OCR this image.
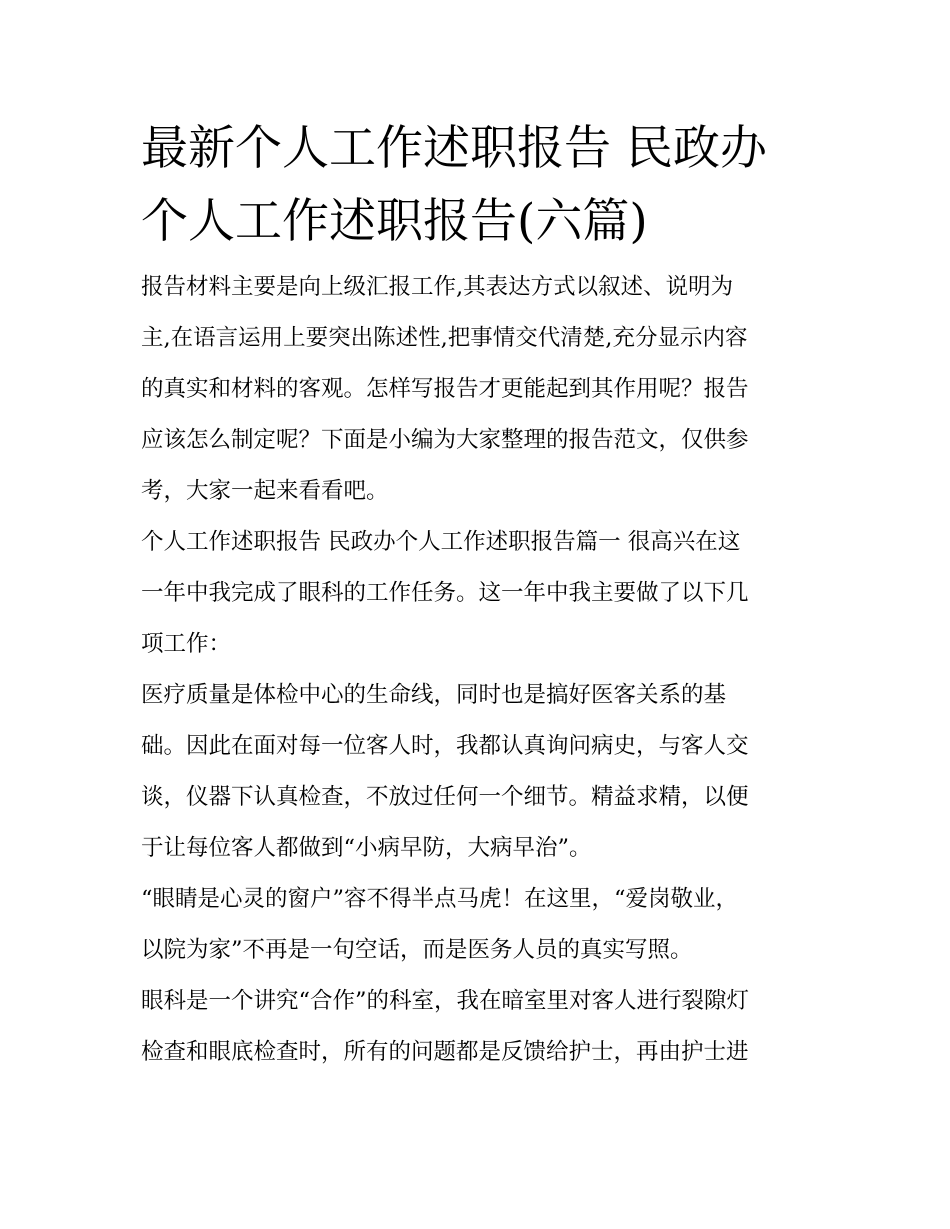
最新个人工作述职报告 民政办
个人工作述职报告(六篇)

报告材料主要是向上级汇报工作,其表达方式以叙述、说明为

主,在语言运用上要突出陈述性,把事情交代清楚,充分显示内容

的真实和材料的客观。怎样写报告才更能起到其作用呢？报告

应该怎么制定呢？下面是小编为大家整理的报告范文，仅供参

考，大家一起来看看吧。

个人工作述职报告 民政办个人工作述职报告篇一 很高兴在这

一年中我完成了眼科的工作任务。这一年中我主要做了以下几

项工作：

医疗质量是体检中心的生命线，同时也是搞好医客关系的基

础。因此在面对每一位客人时，我都认真询问病史，与客人交

谈，仪器下认真检查，不放过任何一个细节。精益求精，以便

于让每位客人都做到“小病早防，大病早治”。

“眼睛是心灵的窗户”容不得半点马虎！在这里，“爱岗敬业，

以院为家”不再是一句空话，而是医务人员的真实写照。

眼科是一个讲究“合作”的科室，我在暗室里对客人进行裂隙灯

检查和眼底检查时，所有的问题都是反馈给护士，再由护士进
